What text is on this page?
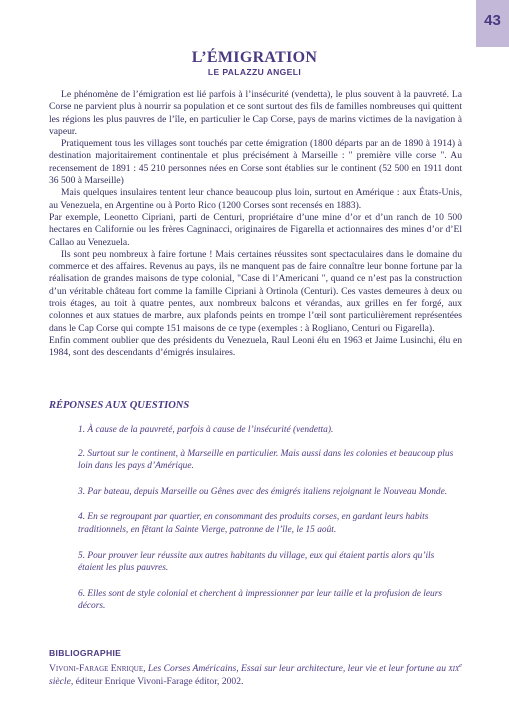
43
L’ÉMIGRATION
LE PALAZZU ANGELI

Le phénomène de l’émigration est lié parfois à l’insécurité (vendetta), le plus souvent à la pauvreté. La Corse ne parvient plus à nourrir sa population et ce sont surtout des fils de familles nombreuses qui quittent les régions les plus pauvres de l’île, en particulier le Cap Corse, pays de marins victimes de la navigation à vapeur.

Pratiquement tous les villages sont touchés par cette émigration (1800 départs par an de 1890 à 1914) à destination majoritairement continentale et plus précisément à Marseille : " première ville corse ". Au recensement de 1891 : 45 210 personnes nées en Corse sont établies sur le continent (52 500 en 1911 dont 36 500 à Marseille)

Mais quelques insulaires tentent leur chance beaucoup plus loin, surtout en Amérique : aux États-Unis, au Venezuela, en Argentine ou à Porto Rico (1200 Corses sont recensés en 1883).

Par exemple, Leonetto Cipriani, parti de Centuri, propriétaire d’une mine d’or et d’un ranch de 10 500 hectares en Californie ou les frères Cagninacci, originaires de Figarella et actionnaires des mines d’or d’El Callao au Venezuela.

Ils sont peu nombreux à faire fortune ! Mais certaines réussites sont spectaculaires dans le domaine du commerce et des affaires. Revenus au pays, ils ne manquent pas de faire connaître leur bonne fortune par la réalisation de grandes maisons de type colonial, "Case di l’Americani ", quand ce n’est pas la construction d’un véritable château fort comme la famille Cipriani à Ortinola (Centuri). Ces vastes demeures à deux ou trois étages, au toit à quatre pentes, aux nombreux balcons et vérandas, aux grilles en fer forgé, aux colonnes et aux statues de marbre, aux plafonds peints en trompe l’œil sont particulièrement représentées dans le Cap Corse qui compte 151 maisons de ce type (exemples : à Rogliano, Centuri ou Figarella).

Enfin comment oublier que des présidents du Venezuela, Raul Leoni élu en 1963 et Jaime Lusinchi, élu en 1984, sont des descendants d’émigrés insulaires.

RÉPONSES AUX QUESTIONS

1. À cause de la pauvreté, parfois à cause de l’insécurité (vendetta).

2. Surtout sur le continent, à Marseille en particulier. Mais aussi dans les colonies et beaucoup plus loin dans les pays d’Amérique.

3. Par bateau, depuis Marseille ou Gênes avec des émigrés italiens rejoignant le Nouveau Monde.

4. En se regroupant par quartier, en consommant des produits corses, en gardant leurs habits traditionnels, en fêtant la Sainte Vierge, patronne de l’île, le 15 août.

5. Pour prouver leur réussite aux autres habitants du village, eux qui étaient partis alors qu’ils étaient les plus pauvres.

6. Elles sont de style colonial et cherchent à impressionner par leur taille et la profusion de leurs décors.

BIBLIOGRAPHIE
Vivoni-Farage Enrique, Les Corses Américains, Essai sur leur architecture, leur vie et leur fortune au xix$^e$ siècle, éditeur Enrique Vivoni-Farage éditor, 2002.
